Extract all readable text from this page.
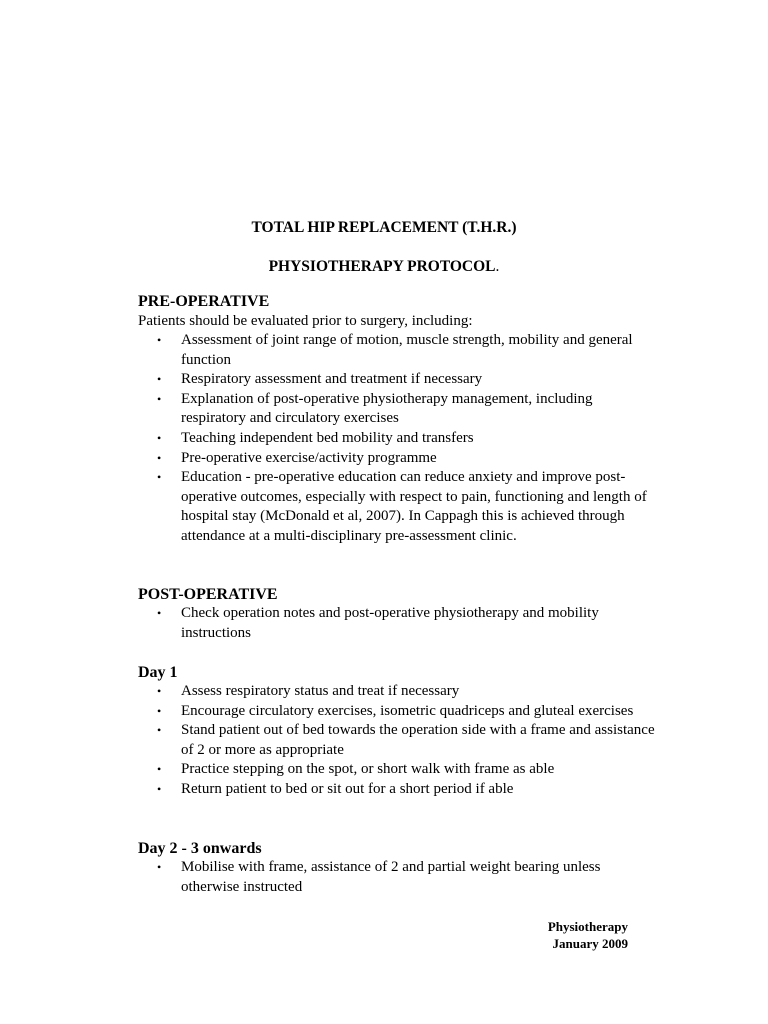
TOTAL HIP REPLACEMENT (T.H.R.)
PHYSIOTHERAPY PROTOCOL.
PRE-OPERATIVE

Patients should be evaluated prior to surgery, including:

• Assessment of joint range of motion, muscle strength, mobility and general function
• Respiratory assessment and treatment if necessary
• Explanation of post-operative physiotherapy management, including respiratory and circulatory exercises
• Teaching independent bed mobility and transfers
• Pre-operative exercise/activity programme
• Education - pre-operative education can reduce anxiety and improve post-operative outcomes, especially with respect to pain, functioning and length of hospital stay (McDonald et al, 2007). In Cappagh this is achieved through attendance at a multi-disciplinary pre-assessment clinic.
POST-OPERATIVE
• Check operation notes and post-operative physiotherapy and mobility instructions
Day 1
• Assess respiratory status and treat if necessary
• Encourage circulatory exercises, isometric quadriceps and gluteal exercises
• Stand patient out of bed towards the operation side with a frame and assistance of 2 or more as appropriate
• Practice stepping on the spot, or short walk with frame as able
• Return patient to bed or sit out for a short period if able
Day 2 - 3 onwards
• Mobilise with frame, assistance of 2 and partial weight bearing unless otherwise instructed
Physiotherapy
January 2009
